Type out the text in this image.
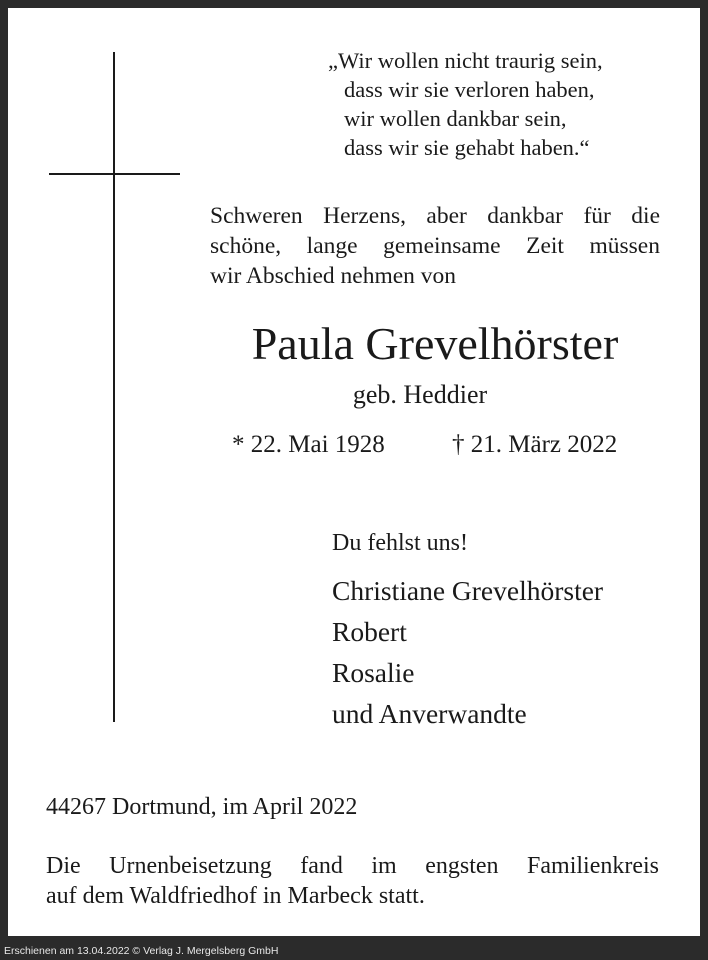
„Wir wollen nicht traurig sein,
dass wir sie verloren haben,
wir wollen dankbar sein,
dass wir sie gehabt haben.“
Schweren Herzens, aber dankbar für die
schöne, lange gemeinsame Zeit müssen
wir Abschied nehmen von
Paula Grevelhörster
geb. Heddier
* 22. Mai 1928	† 21. März 2022
Du fehlst uns!
Christiane Grevelhörster
Robert
Rosalie
und Anverwandte
44267 Dortmund, im April 2022
Die Urnenbeisetzung fand im engsten Familienkreis
auf dem Waldfriedhof in Marbeck statt.
Erschienen am 13.04.2022 © Verlag J. Mergelsberg GmbH
